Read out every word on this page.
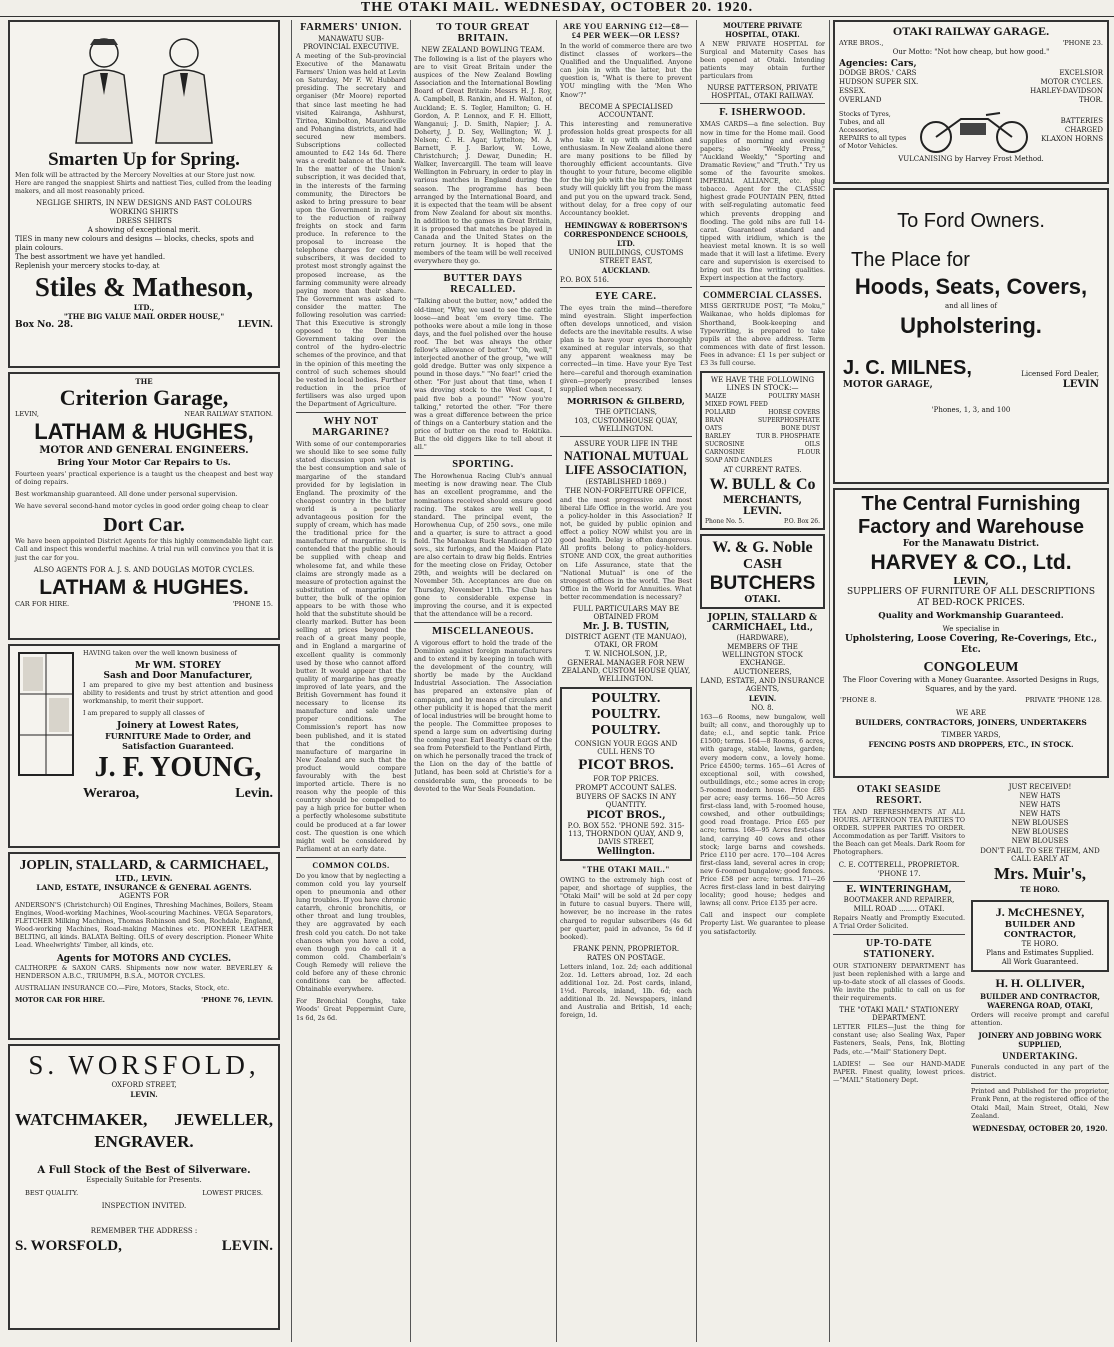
THE OTAKI MAIL. WEDNESDAY, OCTOBER 20. 1920.
Smarten Up for Spring.
Men folk will be attracted by the Mercery Novelties at our Store just now. Here are ranged the snappiest Shirts and nattiest Ties, culled from the leading makers, and all most reasonably priced.
NEGLIGE SHIRTS, IN NEW DESIGNS AND FAST COLOURS
WORKING SHIRTS
DRESS SHIRTS
A showing of exceptional merit.
TIES in many new colours and designs — blocks, checks, spots and plain colours.
The best assortment we have yet handled.
Replenish your mercery stocks to-day, at
Stiles & Matheson,
LTD.,
"THE BIG VALUE MAIL ORDER HOUSE,"
Box No. 28.	LEVIN.
THE
Criterion Garage,
LEVIN,	NEAR RAILWAY STATION.
LATHAM & HUGHES,
MOTOR AND GENERAL ENGINEERS.
Bring Your Motor Car Repairs to Us.
Fourteen years' practical experience is a taught us the cheapest and best way of doing repairs.
Best workmanship guaranteed. All done under personal supervision.
We have several second-hand motor cycles in good order going cheap to clear
Dort Car.
We have been appointed District Agents for this highly commendable light car. Call and inspect this wonderful machine. A trial run will convince you that it is just the car for you.
ALSO AGENTS FOR A. J. S. AND DOUGLAS MOTOR CYCLES.
LATHAM & HUGHES.
CAR FOR HIRE.	'PHONE 15.
HAVING taken over the well known business of
Mr WM. STOREY
Sash and Door Manufacturer,
I am prepared to give my best attention and business ability to residents and trust by strict attention and good workmanship, to merit their support.
I am prepared to supply all classes of
Joinery at Lowest Rates,
FURNITURE Made to Order, and Satisfaction Guaranteed.
J. F. YOUNG,
Weraroa,	Levin.
JOPLIN, STALLARD, & CARMICHAEL,
LTD., LEVIN.
LAND, ESTATE, INSURANCE & GENERAL AGENTS.
AGENTS FOR
ANDERSON'S (Christchurch) Oil Engines, Threshing Machines, Boilers, Steam Engines, Wood-working Machines, Wool-scouring Machines. VEGA Separators, FLETCHER Milking Machines, Thomas Robinson and Son, Rochdale, England, Wood-working Machines, Road-making Machines etc. PIONEER LEATHER BELTING, all kinds. BALATA Belting. OILS of every description. Pioneer White Lead. Wheelwrights' Timber, all kinds, etc.
Agents for MOTORS AND CYCLES.
CALTHORPE & SAXON CARS. Shipments now now water. BEVERLEY & HENDERSON A.B.C., TRIUMPH, B.S.A., MOTOR CYCLES.
AUSTRALIAN INSURANCE CO.—Fire, Motors, Stacks, Stock, etc.
MOTOR CAR FOR HIRE.	'PHONE 76, LEVIN.
S. WORSFOLD,
OXFORD STREET,
LEVIN.
WATCHMAKER, JEWELLER,
ENGRAVER.
A Full Stock of the Best of Silverware.
Especially Suitable for Presents.
BEST QUALITY.	LOWEST PRICES.
INSPECTION INVITED.
REMEMBER THE ADDRESS :
S. WORSFOLD,	LEVIN.
FARMERS' UNION.
MANAWATU SUB-PROVINCIAL EXECUTIVE.
A meeting of the Sub-provincial Executive of the Manawatu Farmers' Union was held at Levin on Saturday, Mr F. W. Hubbard presiding. The secretary and organiser (Mr Moore) reported that since last meeting he had visited Kairanga, Ashhurst, Tiritea, Kimbolton, Mauriceville and Pohangina districts, and had secured new members. Subscriptions collected amounted to £42 14s 6d. There was a credit balance at the bank. In the matter of the Union's subscription, it was decided that, in the interests of the farming community, the Directors be asked to bring pressure to bear upon the Government in regard to the reduction of railway freights on stock and farm produce. In reference to the proposal to increase the telephone charges for country subscribers, it was decided to protest most strongly against the proposed increase, as the farming community were already paying more than their share. The Government was asked to consider the matter. The following resolution was carried: That this Executive is strongly opposed to the Dominion Government taking over the control of the hydro-electric schemes of the province, and that in the opinion of this meeting the control of such schemes should be vested in local bodies. Further reduction in the price of fertilisers was also urged upon the Department of Agriculture.
WHY NOT MARGARINE?
With some of our contemporaries we should like to see some fully stated discussion upon what is the best consumption and sale of margarine of the standard provided for by legislation in England. The proximity of the cheapest country in the butter world is a peculiarly advantageous position for the supply of cream, which has made the traditional price for the manufacture of margarine. It is contended that the public should be supplied with cheap and wholesome fat, and while these claims are strongly made as a measure of protection against the substitution of margarine for butter, the bulk of the opinion appears to be with those who hold that the substitute should be clearly marked. Butter has been selling at prices beyond the reach of a great many people, and in England a margarine of excellent quality is commonly used by those who cannot afford butter. It would appear that the quality of margarine has greatly improved of late years, and the British Government has found it necessary to license its manufacture and sale under proper conditions. The Commission's report has now been published, and it is stated that the conditions of manufacture of margarine in New Zealand are such that the product would compare favourably with the best imported article. There is no reason why the people of this country should be compelled to pay a high price for butter when a perfectly wholesome substitute could be produced at a far lower cost. The question is one which might well be considered by Parliament at an early date.
COMMON COLDS.
Do you know that by neglecting a common cold you lay yourself open to pneumonia and other lung troubles. If you have chronic catarrh, chronic bronchitis, or other throat and lung troubles, they are aggravated by each fresh cold you catch. Do not take chances when you have a cold, even though you do call it a common cold. Chamberlain's Cough Remedy will relieve the cold before any of these chronic conditions can be affected. Obtainable everywhere.
For Bronchial Coughs, take Woods' Great Peppermint Cure, 1s 6d, 2s 6d.
TO TOUR GREAT BRITAIN.
NEW ZEALAND BOWLING TEAM.
The following is a list of the players who are to visit Great Britain under the auspices of the New Zealand Bowling Association and the International Bowling Board of Great Britain: Messrs H. J. Roy, A. Campbell, B. Rankin, and H. Walton, of Auckland; E. S. Tegler, Hamilton; G. H. Gordon, A. P. Lennox, and F. H. Elliott, Wanganui; J. D. Smith, Napier; J. A. Doherty, J. D. Sey, Wellington; W. J. Nelson; C. H. Agar, Lyttelton; M. A. Barnett, F. J. Barlow, W. Lowe, Christchurch; J. Dewar, Dunedin; H. Walker, Invercargill. The team will leave Wellington in February, in order to play in various matches in England during the season. The programme has been arranged by the International Board, and it is expected that the team will be absent from New Zealand for about six months. In addition to the games in Great Britain, it is proposed that matches be played in Canada and the United States on the return journey. It is hoped that the members of the team will be well received everywhere they go.
BUTTER DAYS RECALLED.
"Talking about the butter, now," added the old-timer, "Why, we used to see the cattle loose—and beat 'em every time. The pothooks were about a mile long in those days, and the fuel polished over the house roof. The bet was always the other fellow's allowance of butter." "Oh, well," interjected another of the group, "we will gold dredge. Butter was only sixpence a pound in those days." "No fear!" cried the other. "For just about that time, when I was droving stock to the West Coast, I paid five bob a pound!" "Now you're talking," retorted the other. "For there was a great difference between the price of things on a Canterbury station and the price of butter on the road to Hokitika. But the old diggers like to tell about it all."
SPORTING.
The Horowhenua Racing Club's annual meeting is now drawing near. The Club has an excellent programme, and the nominations received should ensure good racing. The stakes are well up to standard. The principal event, the Horowhenua Cup, of 250 sovs., one mile and a quarter, is sure to attract a good field. The Manakau Ruck Handicap of 120 sovs., six furlongs, and the Maiden Plate are also certain to draw big fields. Entries for the meeting close on Friday, October 29th, and weights will be declared on November 5th. Acceptances are due on Thursday, November 11th. The Club has gone to considerable expense in improving the course, and it is expected that the attendance will be a record.
MISCELLANEOUS.
A vigorous effort to hold the trade of the Dominion against foreign manufacturers and to extend it by keeping in touch with the development of the country, will shortly be made by the Auckland Industrial Association. The Association has prepared an extensive plan of campaign, and by means of circulars and other publicity it is hoped that the merit of local industries will be brought home to the people. The Committee proposes to spend a large sum on advertising during the coming year. Earl Beatty's chart of the sea from Petersfield to the Pentland Firth, on which he personally traced the track of the Lion on the day of the battle of Jutland, has been sold at Christie's for a considerable sum, the proceeds to be devoted to the War Seals Foundation.
ARE YOU EARNING £12—£8—£4 PER WEEK—OR LESS?
In the world of commerce there are two distinct classes of workers—the Qualified and the Unqualified. Anyone can join in with the latter, but the question is, "What is there to prevent YOU mingling with the 'Men Who Know'?"
BECOME A SPECIALISED ACCOUNTANT.
This interesting and remunerative profession holds great prospects for all who take it up with ambition and enthusiasm. In New Zealand alone there are many positions to be filled by thoroughly efficient accountants. Give thought to your future, become eligible for the big job with the big pay. Diligent study will quickly lift you from the mass and put you on the upward track. Send, without delay, for a free copy of our Accountancy booklet.
HEMINGWAY & ROBERTSON'S CORRESPONDENCE SCHOOLS, LTD.
UNION BUILDINGS, CUSTOMS STREET EAST,
AUCKLAND.
P.O. BOX 516.
EYE CARE.
The eyes train the mind—therefore mind eyestrain. Slight imperfection often develops unnoticed, and vision defects are the inevitable results. A wise plan is to have your eyes thoroughly examined at regular intervals, so that any apparent weakness may be corrected—in time. Have your Eye Test here—careful and thorough examination given—properly prescribed lenses supplied when necessary.
MORRISON & GILBERD,
THE OPTICIANS,
103, CUSTOMHOUSE QUAY, WELLINGTON.
ASSURE YOUR LIFE IN THE
NATIONAL MUTUAL LIFE ASSOCIATION,
(ESTABLISHED 1869.)
THE NON-FORFEITURE OFFICE,
and the most progressive and most liberal Life Office in the world. Are you a policy-holder in this Association? If not, be guided by public opinion and effect a policy NOW whilst you are in good health. Delay is often dangerous. All profits belong to policy-holders. STONE AND COX, the great authorities on Life Assurance, state that the "National Mutual" is one of the strongest offices in the world. The Best Office in the World for Annuities. What better recommendation is necessary?
FULL PARTICULARS MAY BE OBTAINED FROM
Mr. J. B. TUSTIN,
DISTRICT AGENT (TE MANUAO), OTAKI, OR FROM
T. W. NICHOLSON, J.P.,
GENERAL MANAGER FOR NEW ZEALAND, CUSTOM HOUSE QUAY, WELLINGTON.
POULTRY. POULTRY. POULTRY.
CONSIGN YOUR EGGS AND CULL HENS TO
PICOT BROS.
FOR TOP PRICES.
PROMPT ACCOUNT SALES.
BUYERS OF SACKS IN ANY QUANTITY.
PICOT BROS.,
P.O. BOX 552. 'PHONE 592. 315-113, THORNDON QUAY, AND 9, DAVIS STREET,
Wellington.
"THE OTAKI MAIL."
OWING to the extremely high cost of paper, and shortage of supplies, the "Otaki Mail" will be sold at 2d per copy in future to casual buyers. There will, however, be no increase in the rates charged to regular subscribers (4s 6d per quarter, paid in advance, 5s 6d if booked).
FRANK PENN, PROPRIETOR.
RATES ON POSTAGE.
Letters inland, 1oz. 2d; each additional 2oz. 1d. Letters abroad, 1oz. 2d each additional 1oz. 2d. Post cards, inland, 1½d. Parcels, inland, 1lb. 6d; each additional lb. 2d. Newspapers, inland and Australia and British, 1d each; foreign, 1d.
MOUTERE PRIVATE HOSPITAL, OTAKI.
A NEW PRIVATE HOSPITAL for Surgical and Maternity Cases has been opened at Otaki. Intending patients may obtain further particulars from
NURSE PATTERSON, PRIVATE HOSPITAL, OTAKI RAILWAY.
F. ISHERWOOD.
XMAS CARDS—a fine selection. Buy now in time for the Home mail. Good supplies of morning and evening papers; also "Weekly Press," "Auckland Weekly," "Sporting and Dramatic Review," and "Truth." Try us some of the favourite smokes. IMPERIAL ALLIANCE, etc. plug tobacco. Agent for the CLASSIC highest grade FOUNTAIN PEN, fitted with self-regulating automatic feed which prevents dropping and flooding. The gold nibs are full 14-carat. Guaranteed standard and tipped with iridium, which is the heaviest metal known. It is so well made that it will last a lifetime. Every care and supervision is exercised to bring out its fine writing qualities. Expert inspection at the factory.
COMMERCIAL CLASSES.
MISS GERTRUDE POST, "Te Moku," Waikanae, who holds diplomas for Shorthand, Book-keeping and Typewriting, is prepared to take pupils at the above address. Term commences with date of first lesson. Fees in advance: £1 1s per subject or £3 3s full course.
WE HAVE THE FOLLOWING LINES IN STOCK:—
MAIZE	POULTRY MASH
MIXED FOWL FEED
POLLARD	HORSE COVERS
BRAN	SUPERPHOSPHATE
OATS	BONE DUST
BARLEY	TUR B. PHOSPHATE
SUCROSINE	OILS
CARNOSINE	FLOUR
SOAP AND CANDLES
AT CURRENT RATES.
W. BULL & Co
MERCHANTS,
LEVIN.
Phone No. 5.	P.O. Box 26.
W. & G. Noble
CASH
BUTCHERS
OTAKI.
JOPLIN, STALLARD & CARMICHAEL, Ltd.,
(HARDWARE),
MEMBERS OF THE WELLINGTON STOCK EXCHANGE.
AUCTIONEERS,
LAND, ESTATE, AND INSURANCE AGENTS,
LEVIN.
NO. 8.
163—6 Rooms, new bungalow, well built; all conv., and thoroughly up to date; e.l., and septic tank. Price £1500; terms. 164—8 Rooms, 6 acres, with garage, stable, lawns, garden; every modern conv., a lovely home. Price £4500; terms. 165—61 Acres of exceptional soil, with cowshed, outbuildings, etc.; some acres in crop; 5-roomed modern house. Price £85 per acre; easy terms. 166—50 Acres first-class land, with 5-roomed house, cowshed, and other outbuildings; good road frontage. Price £65 per acre; terms. 168—95 Acres first-class land, carrying 40 cows and other stock; large barns and cowsheds. Price £110 per acre. 170—104 Acres first-class land, several acres in crop; new 6-roomed bungalow; good fences. Price £58 per acre; terms. 171—26 Acres first-class land in best dairying locality; good house; hedges and lawns; all conv. Price £135 per acre.
Call and inspect our complete Property List. We guarantee to please you satisfactorily.
OTAKI RAILWAY GARAGE.
AYRE BROS.,	'PHONE 23.
Our Motto: "Not how cheap, but how good."
Agencies: Cars,
DODGE BROS.' CARS
HUDSON SUPER SIX.
ESSEX.
OVERLAND
EXCELSIOR
MOTOR CYCLES.
HARLEY-DAVIDSON
THOR.
Stocks of Tyres, Tubes, and all Accessories, REPAIRS to all types of Motor Vehicles.
BATTERIES CHARGED
KLAXON HORNS
VULCANISING by Harvey Frost Method.
To Ford Owners.
The Place for
Hoods, Seats, Covers,
and all lines of
Upholstering.
J. C. MILNES,
MOTOR GARAGE,
Licensed Ford Dealer,
LEVIN
'Phones, 1, 3, and 100
The Central Furnishing
Factory and Warehouse
For the Manawatu District.
HARVEY & CO., Ltd.
LEVIN,
SUPPLIERS OF FURNITURE OF ALL DESCRIPTIONS AT BED-ROCK PRICES.
Quality and Workmanship Guaranteed.
We specialise in
Upholstering, Loose Covering, Re-Coverings, Etc., Etc.
CONGOLEUM
The Floor Covering with a Money Guarantee. Assorted Designs in Rugs, Squares, and by the yard.
'PHONE 8.	PRIVATE 'PHONE 128.
WE ARE
BUILDERS, CONTRACTORS, JOINERS, UNDERTAKERS
TIMBER YARDS,
FENCING POSTS AND DROPPERS, ETC., IN STOCK.
OTAKI SEASIDE RESORT.
TEA AND REFRESHMENTS AT ALL HOURS. AFTERNOON TEA PARTIES TO ORDER. SUPPER PARTIES TO ORDER. Accommodation as per Tariff. Visitors to the Beach can get Meals. Dark Room for Photographers.
C. E. COTTERELL, PROPRIETOR.
'PHONE 17.
E. WINTERINGHAM,
BOOTMAKER AND REPAIRER,
MILL ROAD ........ OTAKI.
Repairs Neatly and Promptly Executed. A Trial Order Solicited.
UP-TO-DATE STATIONERY.
OUR STATIONERY DEPARTMENT has just been replenished with a large and up-to-date stock of all classes of Goods. We invite the public to call on us for their requirements.
THE "OTAKI MAIL" STATIONERY DEPARTMENT.
LETTER FILES—Just the thing for constant use; also Sealing Wax, Paper Fasteners, Seals, Pens, Ink, Blotting Pads, etc.—"Mail" Stationery Dept.
LADIES! — See our HAND-MADE PAPER. Finest quality, lowest prices.—"MAIL" Stationery Dept.
JUST RECEIVED!
NEW HATS
NEW HATS
NEW HATS
NEW BLOUSES
NEW BLOUSES
NEW BLOUSES
DON'T FAIL TO SEE THEM, AND CALL EARLY AT
Mrs. Muir's,
TE HORO.
J. McCHESNEY,
BUILDER AND CONTRACTOR,
TE HORO.
Plans and Estimates Supplied.
All Work Guaranteed.
H. H. OLLIVER,
BUILDER AND CONTRACTOR, WAERENGA ROAD, OTAKI,
Orders will receive prompt and careful attention.
JOINERY AND JOBBING WORK SUPPLIED,
UNDERTAKING.
Funerals conducted in any part of the district.
Printed and Published for the proprietor, Frank Penn, at the registered office of the Otaki Mail, Main Street, Otaki, New Zealand.
WEDNESDAY, OCTOBER 20, 1920.
